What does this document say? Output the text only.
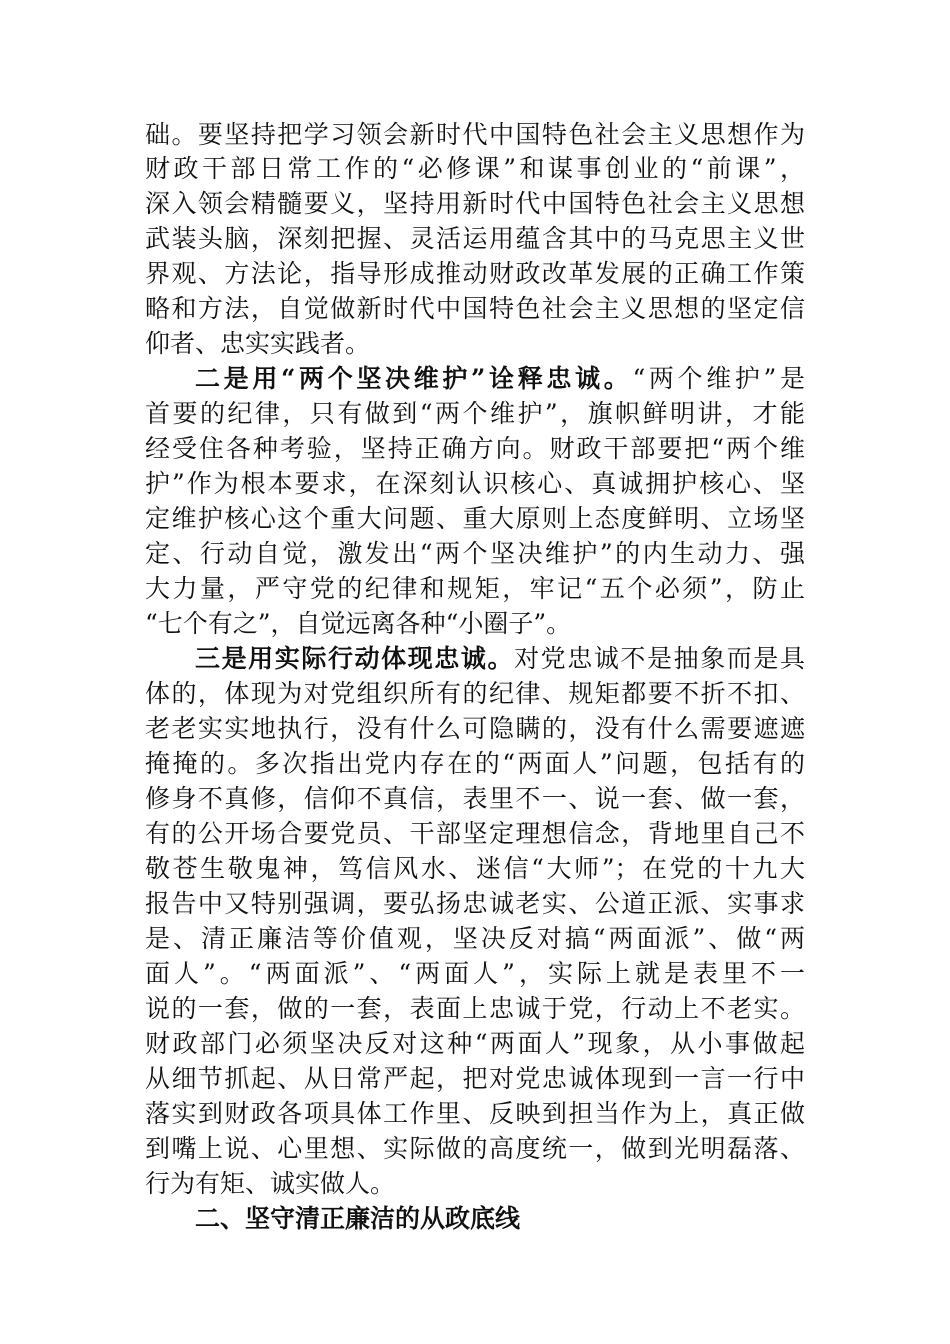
础。要坚持把学习领会新时代中国特色社会主义思想作为
财政干部日常工作的“必修课”和谋事创业的“前课”，
深入领会精髓要义，坚持用新时代中国特色社会主义思想
武装头脑，深刻把握、灵活运用蕴含其中的马克思主义世
界观、方法论，指导形成推动财政改革发展的正确工作策
略和方法，自觉做新时代中国特色社会主义思想的坚定信
仰者、忠实实践者。
二是用“两个坚决维护”诠释忠诚。“两个维护”是
首要的纪律，只有做到“两个维护”，旗帜鲜明讲，才能
经受住各种考验，坚持正确方向。财政干部要把“两个维
护”作为根本要求，在深刻认识核心、真诚拥护核心、坚
定维护核心这个重大问题、重大原则上态度鲜明、立场坚
定、行动自觉，激发出“两个坚决维护”的内生动力、强
大力量，严守党的纪律和规矩，牢记“五个必须”，防止
“七个有之”，自觉远离各种“小圈子”。
三是用实际行动体现忠诚。对党忠诚不是抽象而是具
体的，体现为对党组织所有的纪律、规矩都要不折不扣、
老老实实地执行，没有什么可隐瞒的，没有什么需要遮遮
掩掩的。多次指出党内存在的“两面人”问题，包括有的
修身不真修，信仰不真信，表里不一、说一套、做一套，
有的公开场合要党员、干部坚定理想信念，背地里自己不
敬苍生敬鬼神，笃信风水、迷信“大师”；在党的十九大
报告中又特别强调，要弘扬忠诚老实、公道正派、实事求
是、清正廉洁等价值观，坚决反对搞“两面派”、做“两
面人”。“两面派”、“两面人”，实际上就是表里不一
说的一套，做的一套，表面上忠诚于党，行动上不老实。
财政部门必须坚决反对这种“两面人”现象，从小事做起
从细节抓起、从日常严起，把对党忠诚体现到一言一行中
落实到财政各项具体工作里、反映到担当作为上，真正做
到嘴上说、心里想、实际做的高度统一，做到光明磊落、
行为有矩、诚实做人。
二、坚守清正廉洁的从政底线
